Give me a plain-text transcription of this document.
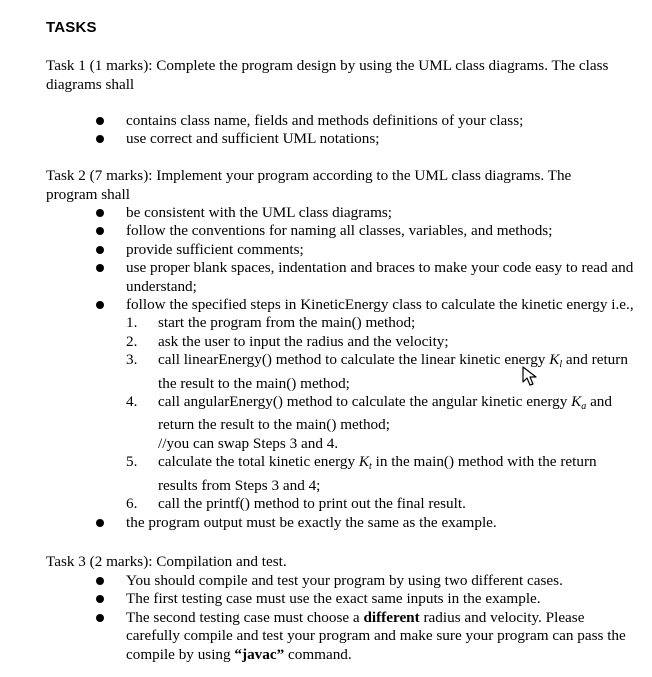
TASKS

Task 1 (1 marks): Complete the program design by using the UML class diagrams. The class diagrams shall

contains class name, fields and methods definitions of your class;
use correct and sufficient UML notations;

Task 2 (7 marks): Implement your program according to the UML class diagrams. The program shall

be consistent with the UML class diagrams;
follow the conventions for naming all classes, variables, and methods;
provide sufficient comments;
use proper blank spaces, indentation and braces to make your code easy to read and understand;
follow the specified steps in KineticEnergy class to calculate the kinetic energy i.e.,
1. start the program from the main() method;
2. ask the user to input the radius and the velocity;
3. call linearEnergy() method to calculate the linear kinetic energy $K_l$ and return the result to the main() method;
4. call angularEnergy() method to calculate the angular kinetic energy $K_a$ and return the result to the main() method;
//you can swap Steps 3 and 4.
5. calculate the total kinetic energy $K_t$ in the main() method with the return results from Steps 3 and 4;
6. call the printf() method to print out the final result.
the program output must be exactly the same as the example.

Task 3 (2 marks): Compilation and test.

You should compile and test your program by using two different cases.
The first testing case must use the exact same inputs in the example.
The second testing case must choose a different radius and velocity. Please carefully compile and test your program and make sure your program can pass the compile by using “javac” command.
